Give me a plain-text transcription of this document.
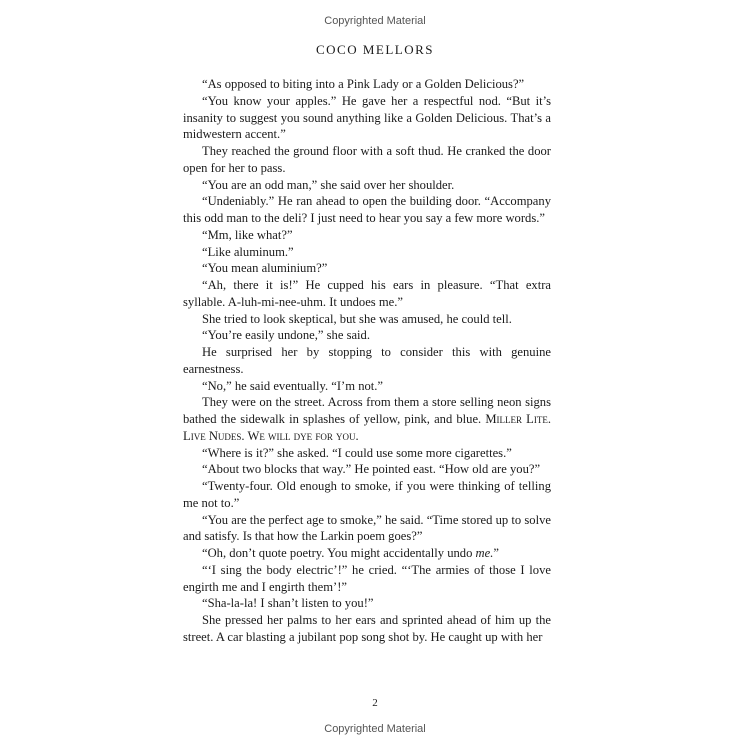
Copyrighted Material
COCO MELLORS

“As opposed to biting into a Pink Lady or a Golden Delicious?”

“You know your apples.” He gave her a respectful nod. “But it’s insanity to suggest you sound anything like a Golden Delicious. That’s a midwestern accent.”

They reached the ground floor with a soft thud. He cranked the door open for her to pass.

“You are an odd man,” she said over her shoulder.

“Undeniably.” He ran ahead to open the building door. “Accompany this odd man to the deli? I just need to hear you say a few more words.”

“Mm, like what?”

“Like aluminum.”

“You mean aluminium?”

“Ah, there it is!” He cupped his ears in pleasure. “That extra syllable. A-luh-mi-nee-uhm. It undoes me.”

She tried to look skeptical, but she was amused, he could tell.

“You’re easily undone,” she said.

He surprised her by stopping to consider this with genuine earnestness.

“No,” he said eventually. “I’m not.”

They were on the street. Across from them a store selling neon signs bathed the sidewalk in splashes of yellow, pink, and blue. Miller Lite. Live Nudes. We will dye for you.

“Where is it?” she asked. “I could use some more cigarettes.”

“About two blocks that way.” He pointed east. “How old are you?”

“Twenty-four. Old enough to smoke, if you were thinking of telling me not to.”

“You are the perfect age to smoke,” he said. “Time stored up to solve and satisfy. Is that how the Larkin poem goes?”

“Oh, don’t quote poetry. You might accidentally undo me.”

“‘I sing the body electric’!” he cried. “‘The armies of those I love engirth me and I engirth them’!”

“Sha-la-la! I shan’t listen to you!”

She pressed her palms to her ears and sprinted ahead of him up the street. A car blasting a jubilant pop song shot by. He caught up with her

2
Copyrighted Material
